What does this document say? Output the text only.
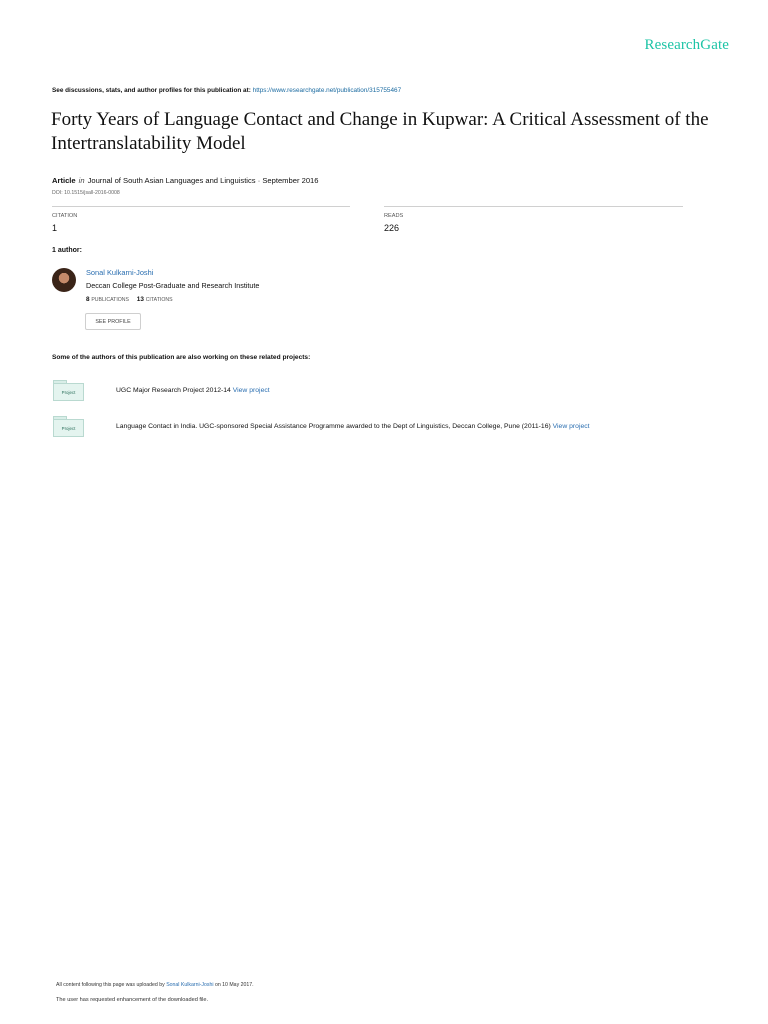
ResearchGate
See discussions, stats, and author profiles for this publication at: https://www.researchgate.net/publication/315755467
Forty Years of Language Contact and Change in Kupwar: A Critical Assessment of the Intertranslatability Model
Article in Journal of South Asian Languages and Linguistics · September 2016
DOI: 10.1515/jsall-2016-0008
CITATION
1
READS
226
1 author:
Sonal Kulkarni-Joshi
Deccan College Post-Graduate and Research Institute
8 PUBLICATIONS 13 CITATIONS
SEE PROFILE
Some of the authors of this publication are also working on these related projects:
Project	UGC Major Research Project 2012-14 View project
Project	Language Contact in India. UGC-sponsored Special Assistance Programme awarded to the Dept of Linguistics, Deccan College, Pune (2011-16) View project
All content following this page was uploaded by Sonal Kulkarni-Joshi on 10 May 2017.
The user has requested enhancement of the downloaded file.
